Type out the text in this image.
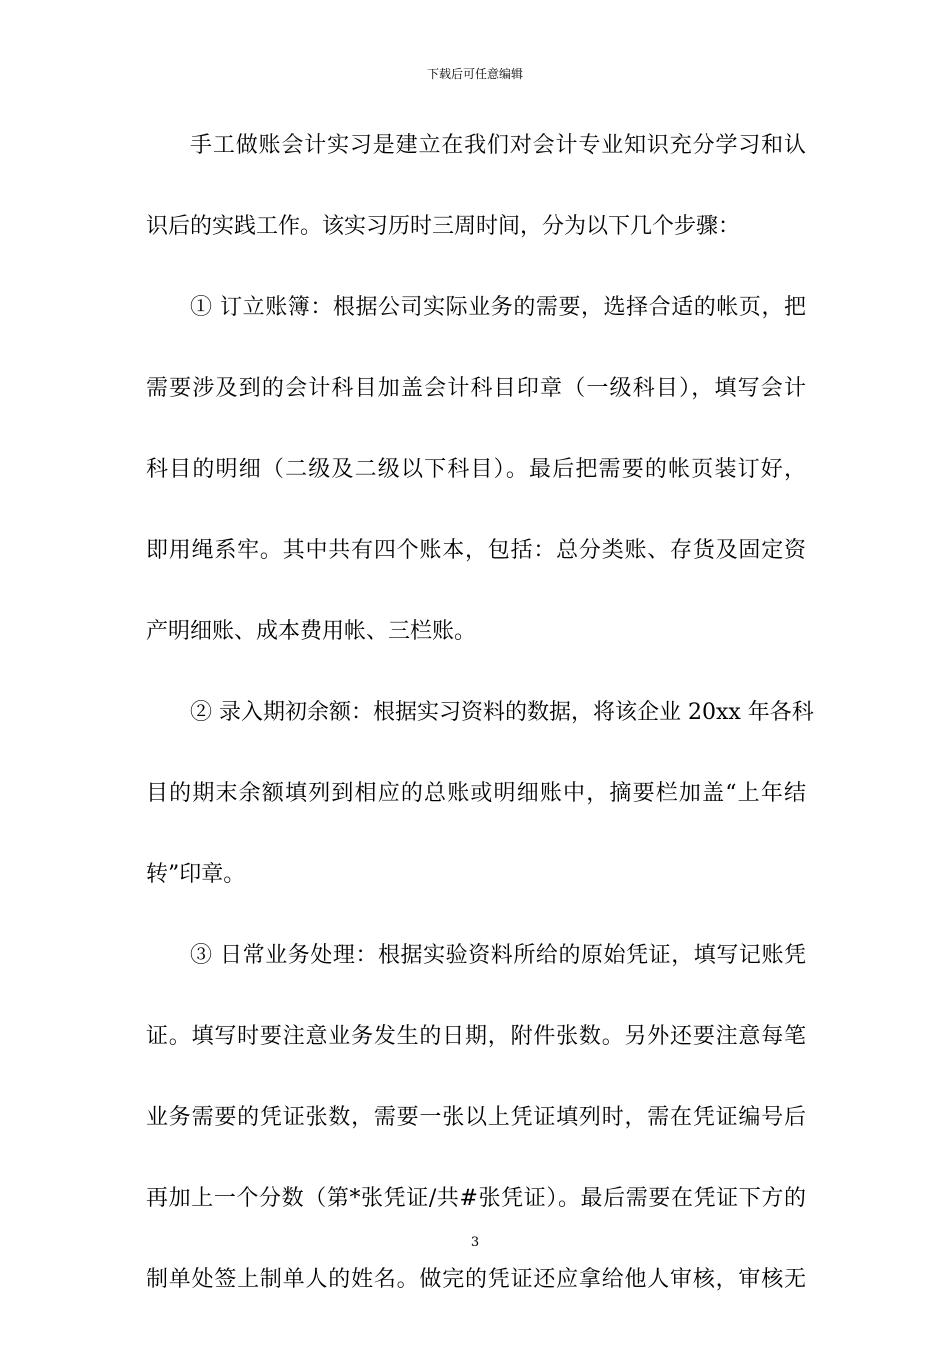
下载后可任意编辑
手工做账会计实习是建立在我们对会计专业知识充分学习和认
识后的实践工作。该实习历时三周时间，分为以下几个步骤：
① 订立账簿：根据公司实际业务的需要，选择合适的帐页，把
需要涉及到的会计科目加盖会计科目印章（一级科目），填写会计
科目的明细（二级及二级以下科目）。最后把需要的帐页装订好，
即用绳系牢。其中共有四个账本，包括：总分类账、存货及固定资
产明细账、成本费用帐、三栏账。
② 录入期初余额：根据实习资料的数据，将该企业 20xx 年各科
目的期末余额填列到相应的总账或明细账中，摘要栏加盖“上年结
转”印章。
③ 日常业务处理：根据实验资料所给的原始凭证，填写记账凭
证。填写时要注意业务发生的日期，附件张数。另外还要注意每笔
业务需要的凭证张数，需要一张以上凭证填列时，需在凭证编号后
再加上一个分数（第*张凭证/共#张凭证）。最后需要在凭证下方的
制单处签上制单人的姓名。做完的凭证还应拿给他人审核，审核无
3
